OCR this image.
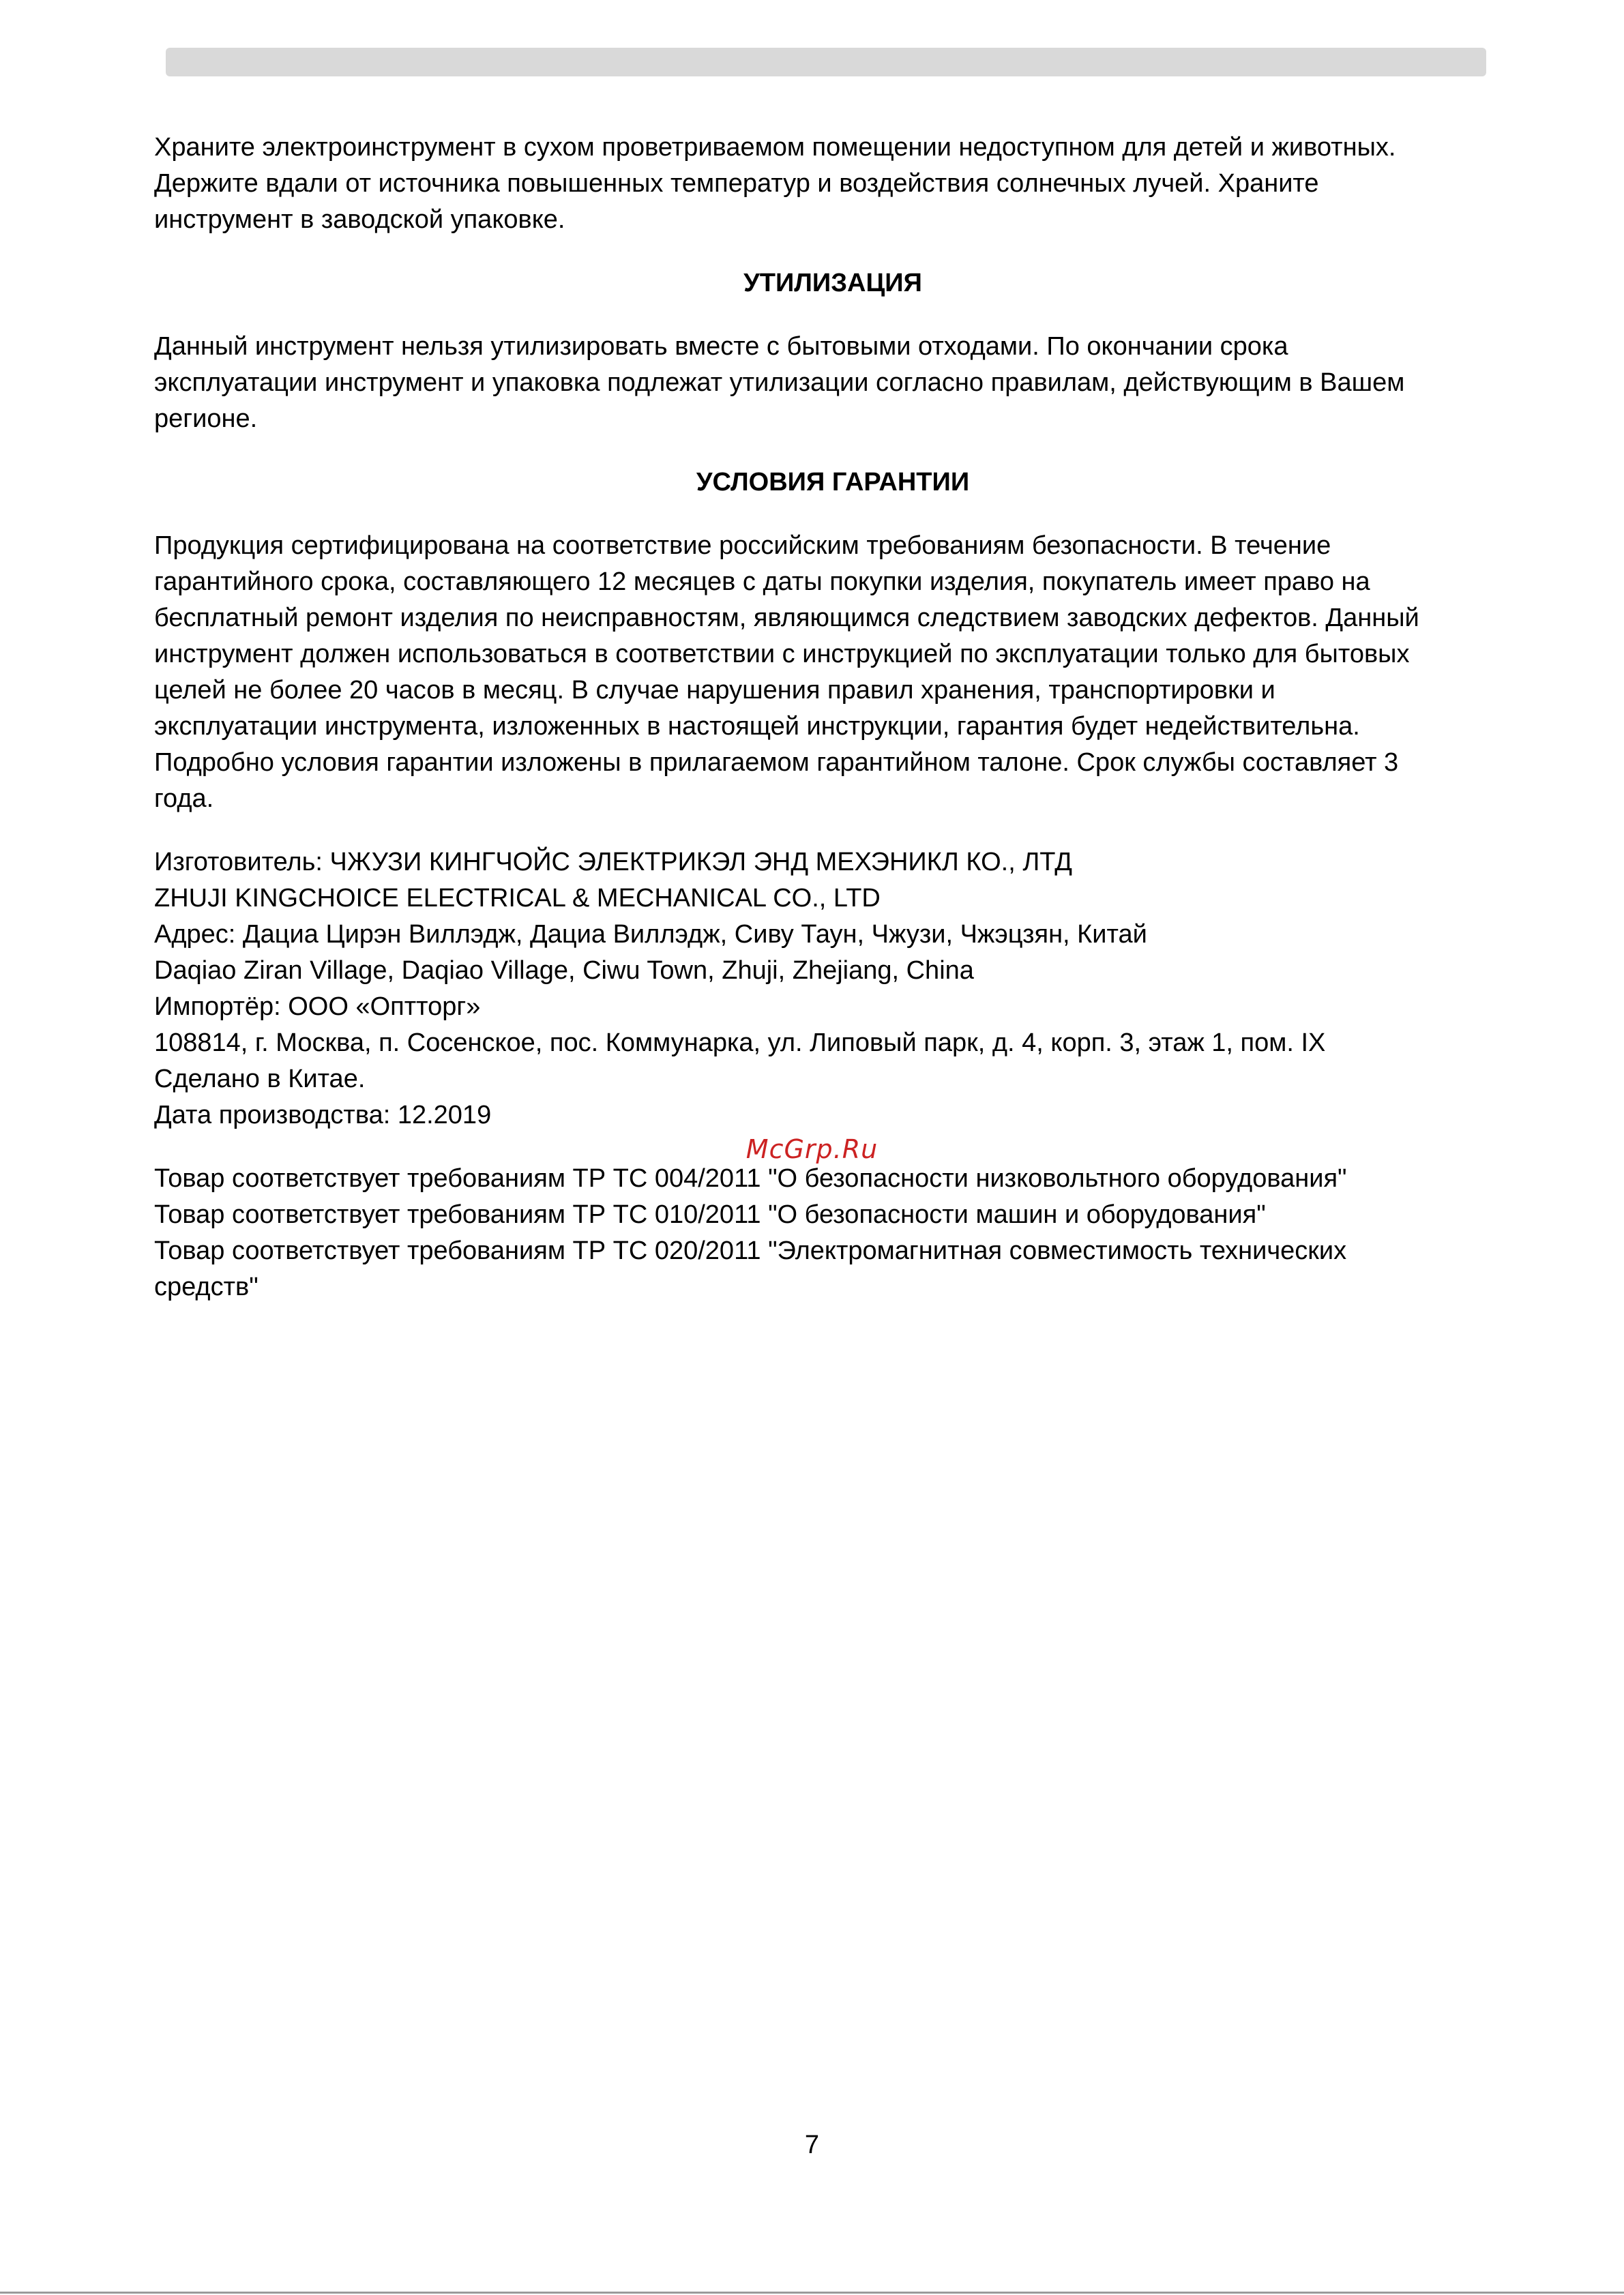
Храните электроинструмент в сухом проветриваемом помещении недоступном для детей и животных.
Держите вдали от источника повышенных температур и воздействия солнечных лучей. Храните
инструмент в заводской упаковке.

УТИЛИЗАЦИЯ

Данный инструмент нельзя утилизировать вместе с бытовыми отходами. По окончании срока
эксплуатации инструмент и упаковка подлежат утилизации согласно правилам, действующим в Вашем
регионе.

УСЛОВИЯ ГАРАНТИИ

Продукция сертифицирована на соответствие российским требованиям безопасности. В течение
гарантийного срока, составляющего 12 месяцев с даты покупки изделия, покупатель имеет право на
бесплатный ремонт изделия по неисправностям, являющимся следствием заводских дефектов. Данный
инструмент должен использоваться в соответствии с инструкцией по эксплуатации только для бытовых
целей не более 20 часов в месяц. В случае нарушения правил хранения, транспортировки и
эксплуатации инструмента, изложенных в настоящей инструкции, гарантия будет недействительна.
Подробно условия гарантии изложены в прилагаемом гарантийном талоне. Срок службы составляет 3
года.

Изготовитель: ЧЖУЗИ КИНГЧОЙС ЭЛЕКТРИКЭЛ ЭНД МЕХЭНИКЛ КО., ЛТД
ZHUJI KINGCHOICE ELECTRICAL & MECHANICAL CO., LTD
Адрес: Дациа Цирэн Виллэдж, Дациа Виллэдж, Сиву Таун, Чжузи, Чжэцзян, Китай
Daqiao Ziran Village, Daqiao Village, Ciwu Town, Zhuji, Zhejiang, China
Импортёр: ООО «Оптторг»
108814, г. Москва, п. Сосенское, пос. Коммунарка, ул. Липовый парк, д. 4, корп. 3, этаж 1, пом. IX
Сделано в Китае.
Дата производства: 12.2019

Товар соответствует требованиям ТР ТС 004/2011 "О безопасности низковольтного оборудования"
Товар соответствует требованиям ТР ТС 010/2011 "О безопасности машин и оборудования"
Товар соответствует требованиям ТР ТС 020/2011 "Электромагнитная совместимость технических
средств"

McGrp.Ru
7
